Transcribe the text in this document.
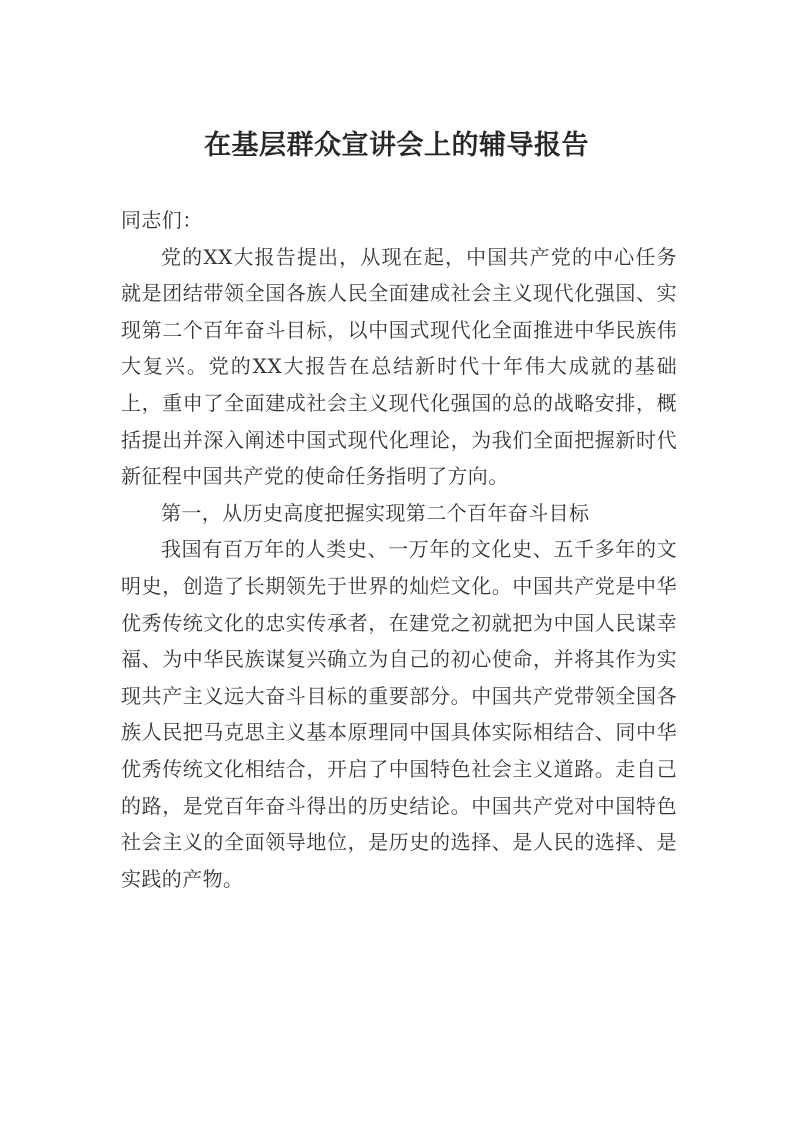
在基层群众宣讲会上的辅导报告

同志们：

党的XX大报告提出，从现在起，中国共产党的中心任务就是团结带领全国各族人民全面建成社会主义现代化强国、实现第二个百年奋斗目标，以中国式现代化全面推进中华民族伟大复兴。党的XX大报告在总结新时代十年伟大成就的基础上，重申了全面建成社会主义现代化强国的总的战略安排，概括提出并深入阐述中国式现代化理论，为我们全面把握新时代新征程中国共产党的使命任务指明了方向。

第一，从历史高度把握实现第二个百年奋斗目标

我国有百万年的人类史、一万年的文化史、五千多年的文明史，创造了长期领先于世界的灿烂文化。中国共产党是中华优秀传统文化的忠实传承者，在建党之初就把为中国人民谋幸福、为中华民族谋复兴确立为自己的初心使命，并将其作为实现共产主义远大奋斗目标的重要部分。中国共产党带领全国各族人民把马克思主义基本原理同中国具体实际相结合、同中华优秀传统文化相结合，开启了中国特色社会主义道路。走自己的路，是党百年奋斗得出的历史结论。中国共产党对中国特色社会主义的全面领导地位，是历史的选择、是人民的选择、是实践的产物。
